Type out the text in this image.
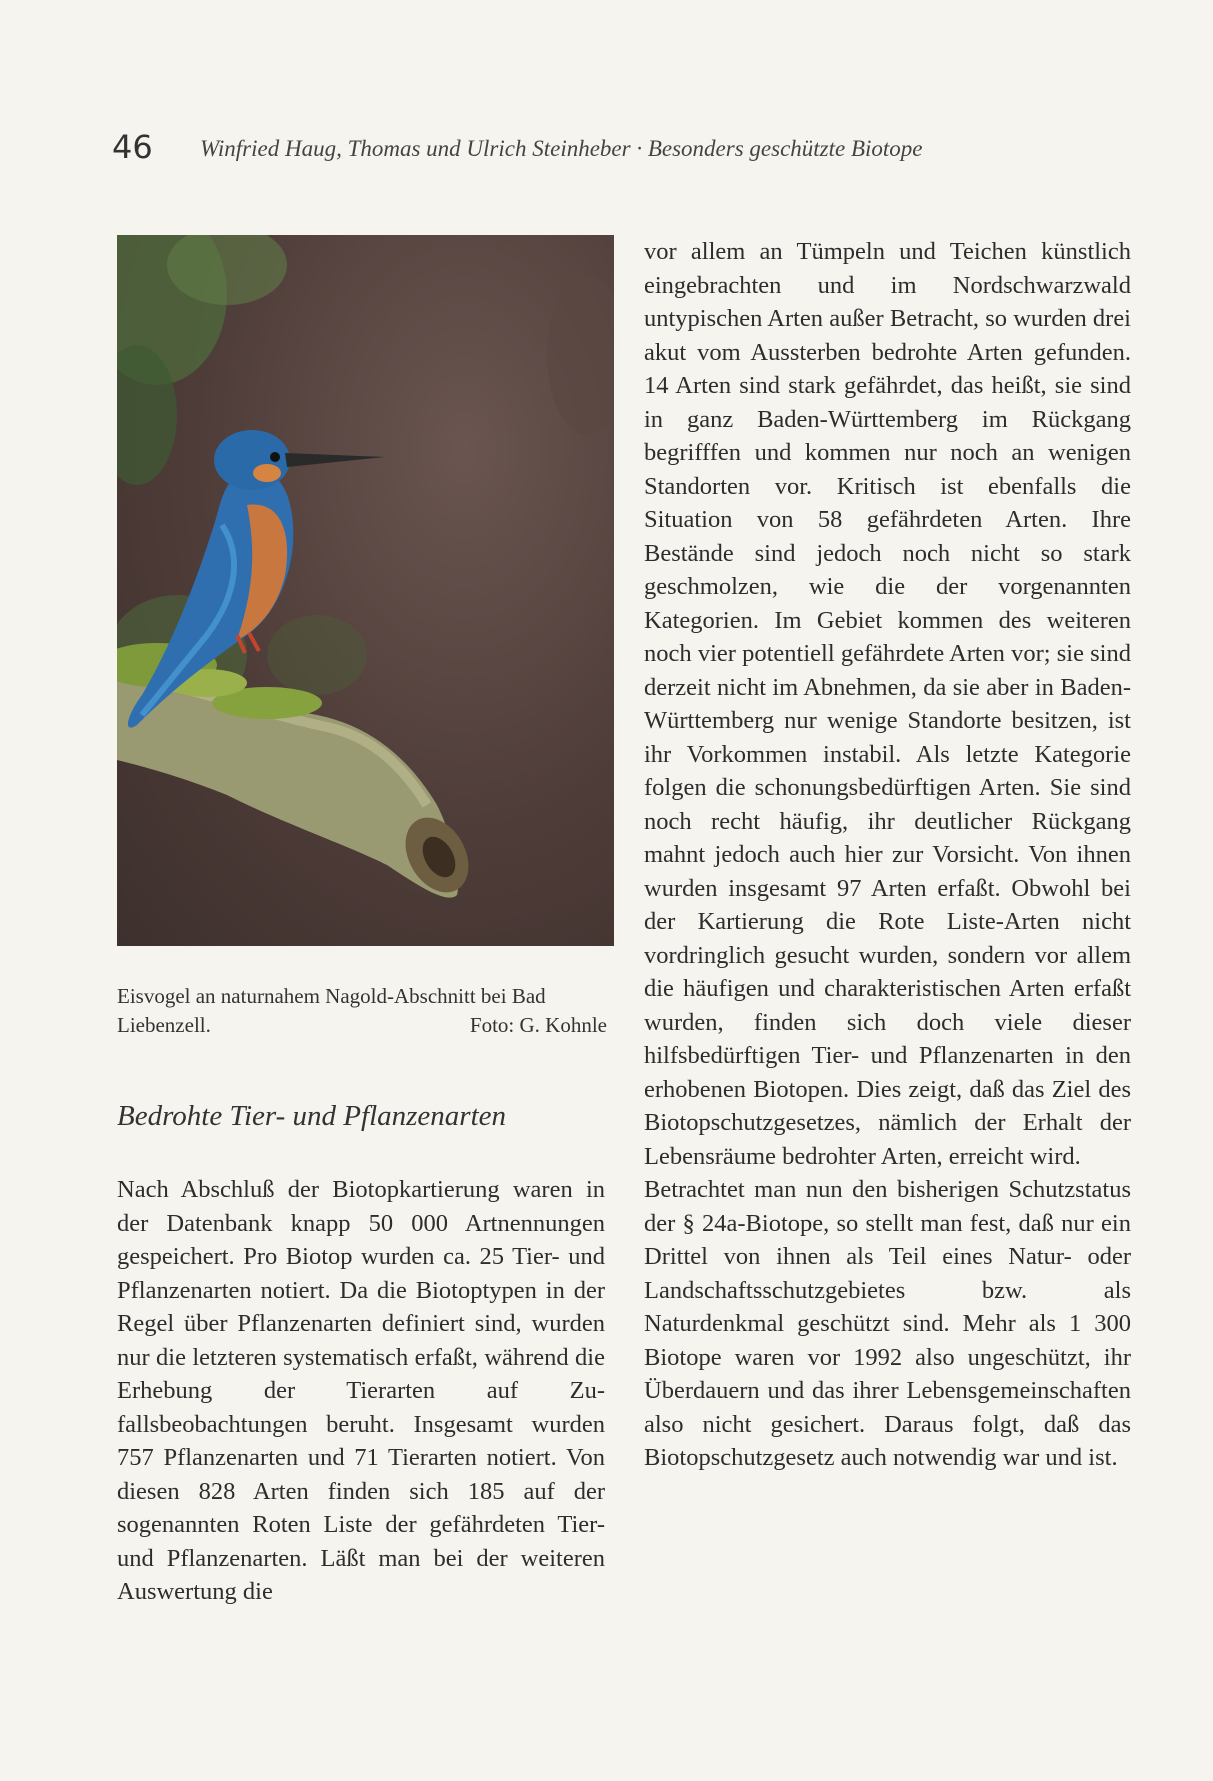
46 Winfried Haug, Thomas und Ulrich Steinheber · Besonders geschützte Biotope
Eisvogel an naturnahem Nagold-Abschnitt bei Bad Liebenzell.	Foto: G. Kohnle
Bedrohte Tier- und Pflanzenarten

Nach Abschluß der Biotopkartierung waren in der Datenbank knapp 50 000 Artnennungen gespeichert. Pro Biotop wurden ca. 25 Tier- und Pflanzenarten notiert. Da die Biotoptypen in der Regel über Pflanzenarten definiert sind, wurden nur die letzteren systematisch erfaßt, während die Erhebung der Tierarten auf Zufallsbeobachtungen beruht. Insgesamt wurden 757 Pflanzenarten und 71 Tierarten notiert. Von diesen 828 Arten finden sich 185 auf der sogenannten Roten Liste der gefährdeten Tier- und Pflanzenarten. Läßt man bei der weiteren Auswertung die

vor allem an Tümpeln und Teichen künstlich eingebrachten und im Nordschwarzwald untypischen Arten außer Betracht, so wurden drei akut vom Aussterben bedrohte Arten gefunden. 14 Arten sind stark gefährdet, das heißt, sie sind in ganz Baden-Württemberg im Rückgang begrifffen und kommen nur noch an wenigen Standorten vor. Kritisch ist ebenfalls die Situation von 58 gefährdeten Arten. Ihre Bestände sind jedoch noch nicht so stark geschmolzen, wie die der vorgenannten Kategorien. Im Gebiet kommen des weiteren noch vier potentiell gefährdete Arten vor; sie sind derzeit nicht im Abnehmen, da sie aber in Baden-Württemberg nur wenige Standorte besitzen, ist ihr Vorkommen instabil. Als letzte Kategorie folgen die schonungsbedürftigen Arten. Sie sind noch recht häufig, ihr deutlicher Rückgang mahnt jedoch auch hier zur Vorsicht. Von ihnen wurden insgesamt 97 Arten erfaßt. Obwohl bei der Kartierung die Rote Liste-Arten nicht vordringlich gesucht wurden, sondern vor allem die häufigen und charakteristischen Arten erfaßt wurden, finden sich doch viele dieser hilfsbedürftigen Tier- und Pflanzenarten in den erhobenen Biotopen. Dies zeigt, daß das Ziel des Biotopschutzgesetzes, nämlich der Erhalt der Lebensräume bedrohter Arten, erreicht wird.

Betrachtet man nun den bisherigen Schutzstatus der § 24a-Biotope, so stellt man fest, daß nur ein Drittel von ihnen als Teil eines Natur- oder Landschaftsschutzgebietes bzw. als Naturdenkmal geschützt sind. Mehr als 1 300 Biotope waren vor 1992 also ungeschützt, ihr Überdauern und das ihrer Lebensgemeinschaften also nicht gesichert. Daraus folgt, daß das Biotopschutzgesetz auch notwendig war und ist.
